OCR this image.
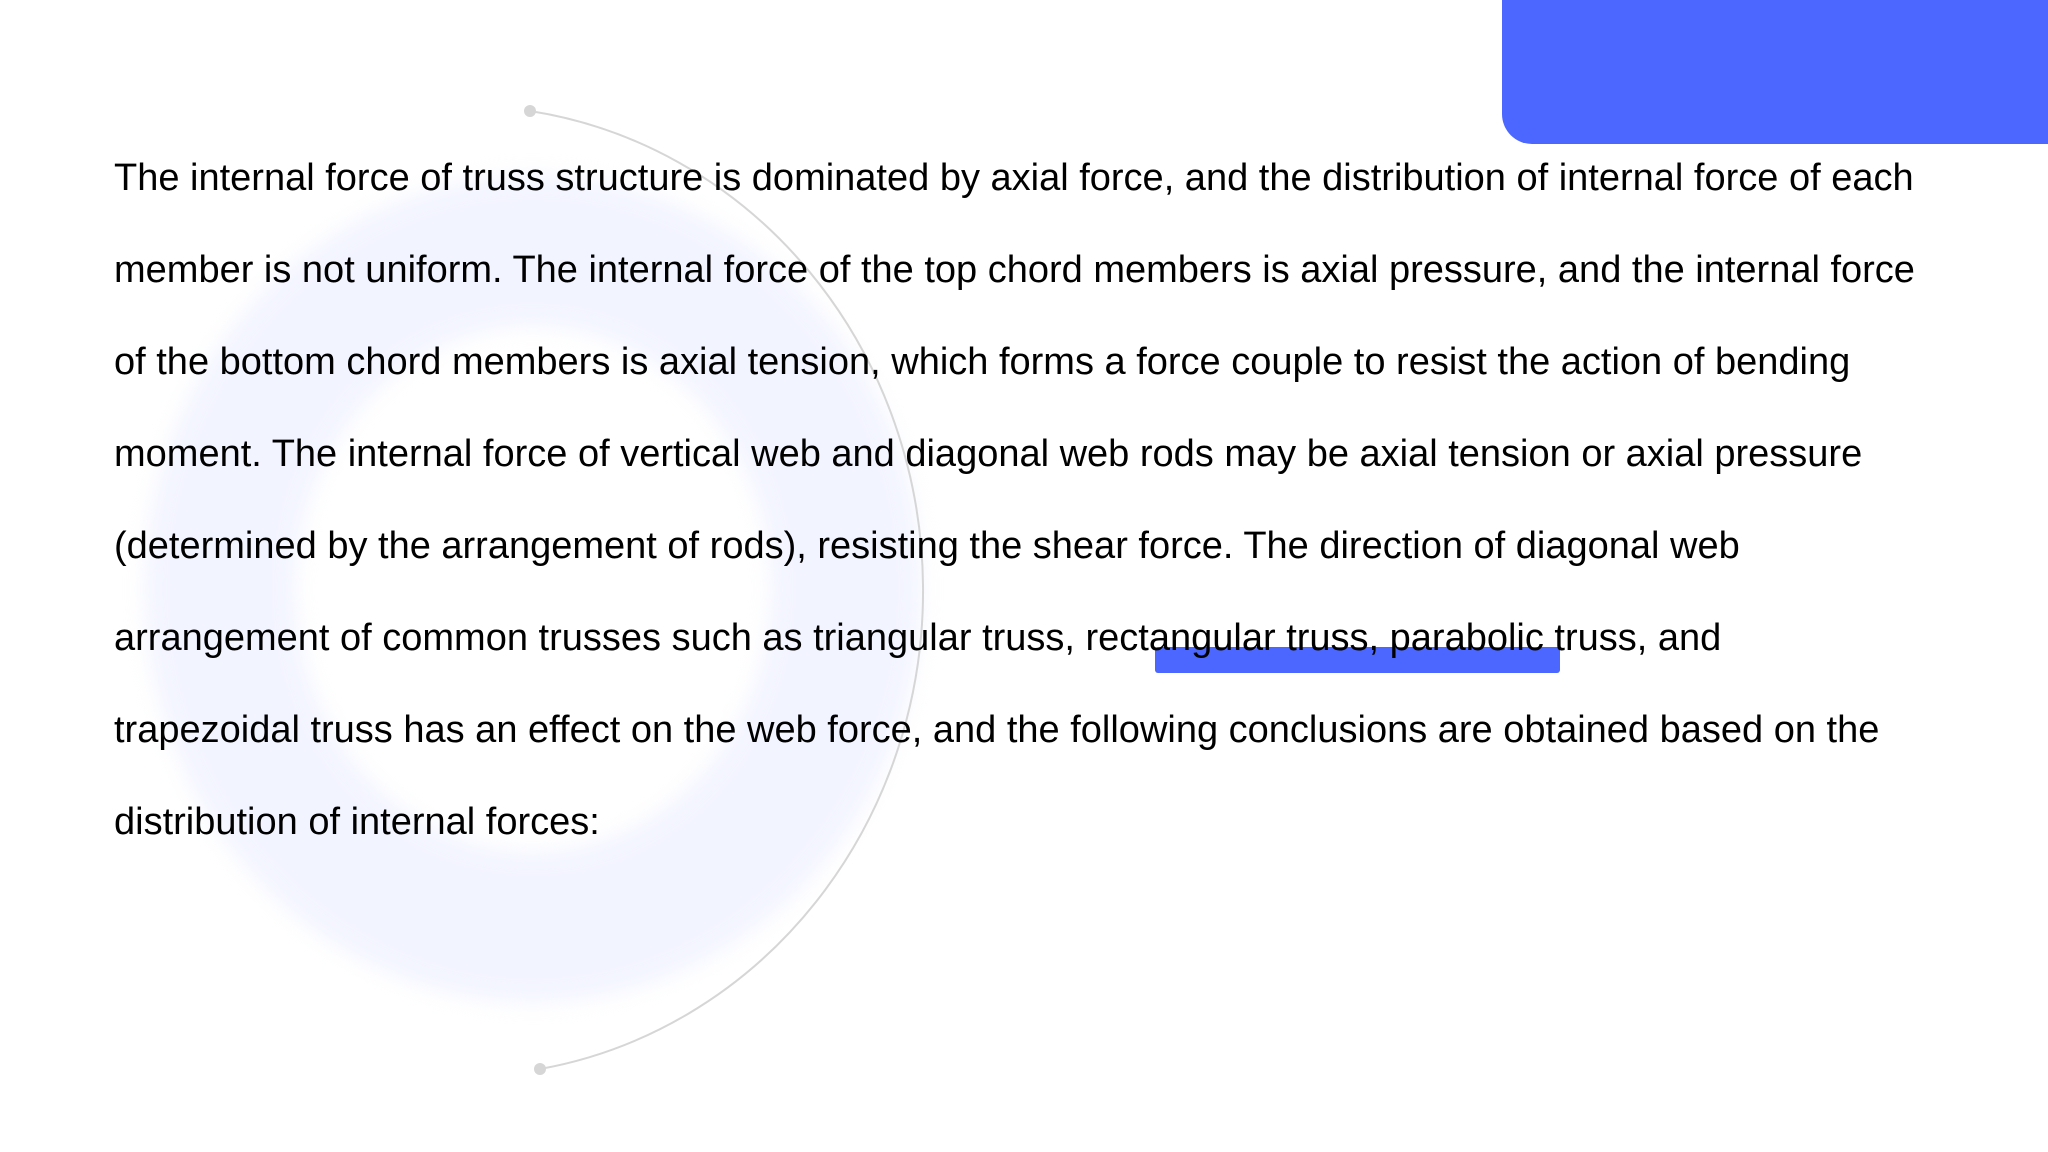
The internal force of truss structure is dominated by axial force, and the distribution of internal force of each
member is not uniform. The internal force of the top chord members is axial pressure, and the internal force
of the bottom chord members is axial tension, which forms a force couple to resist the action of bending
moment. The internal force of vertical web and diagonal web rods may be axial tension or axial pressure
(determined by the arrangement of rods), resisting the shear force. The direction of diagonal web
arrangement of common trusses such as triangular truss, rectangular truss, parabolic truss, and
trapezoidal truss has an effect on the web force, and the following conclusions are obtained based on the
distribution of internal forces:
